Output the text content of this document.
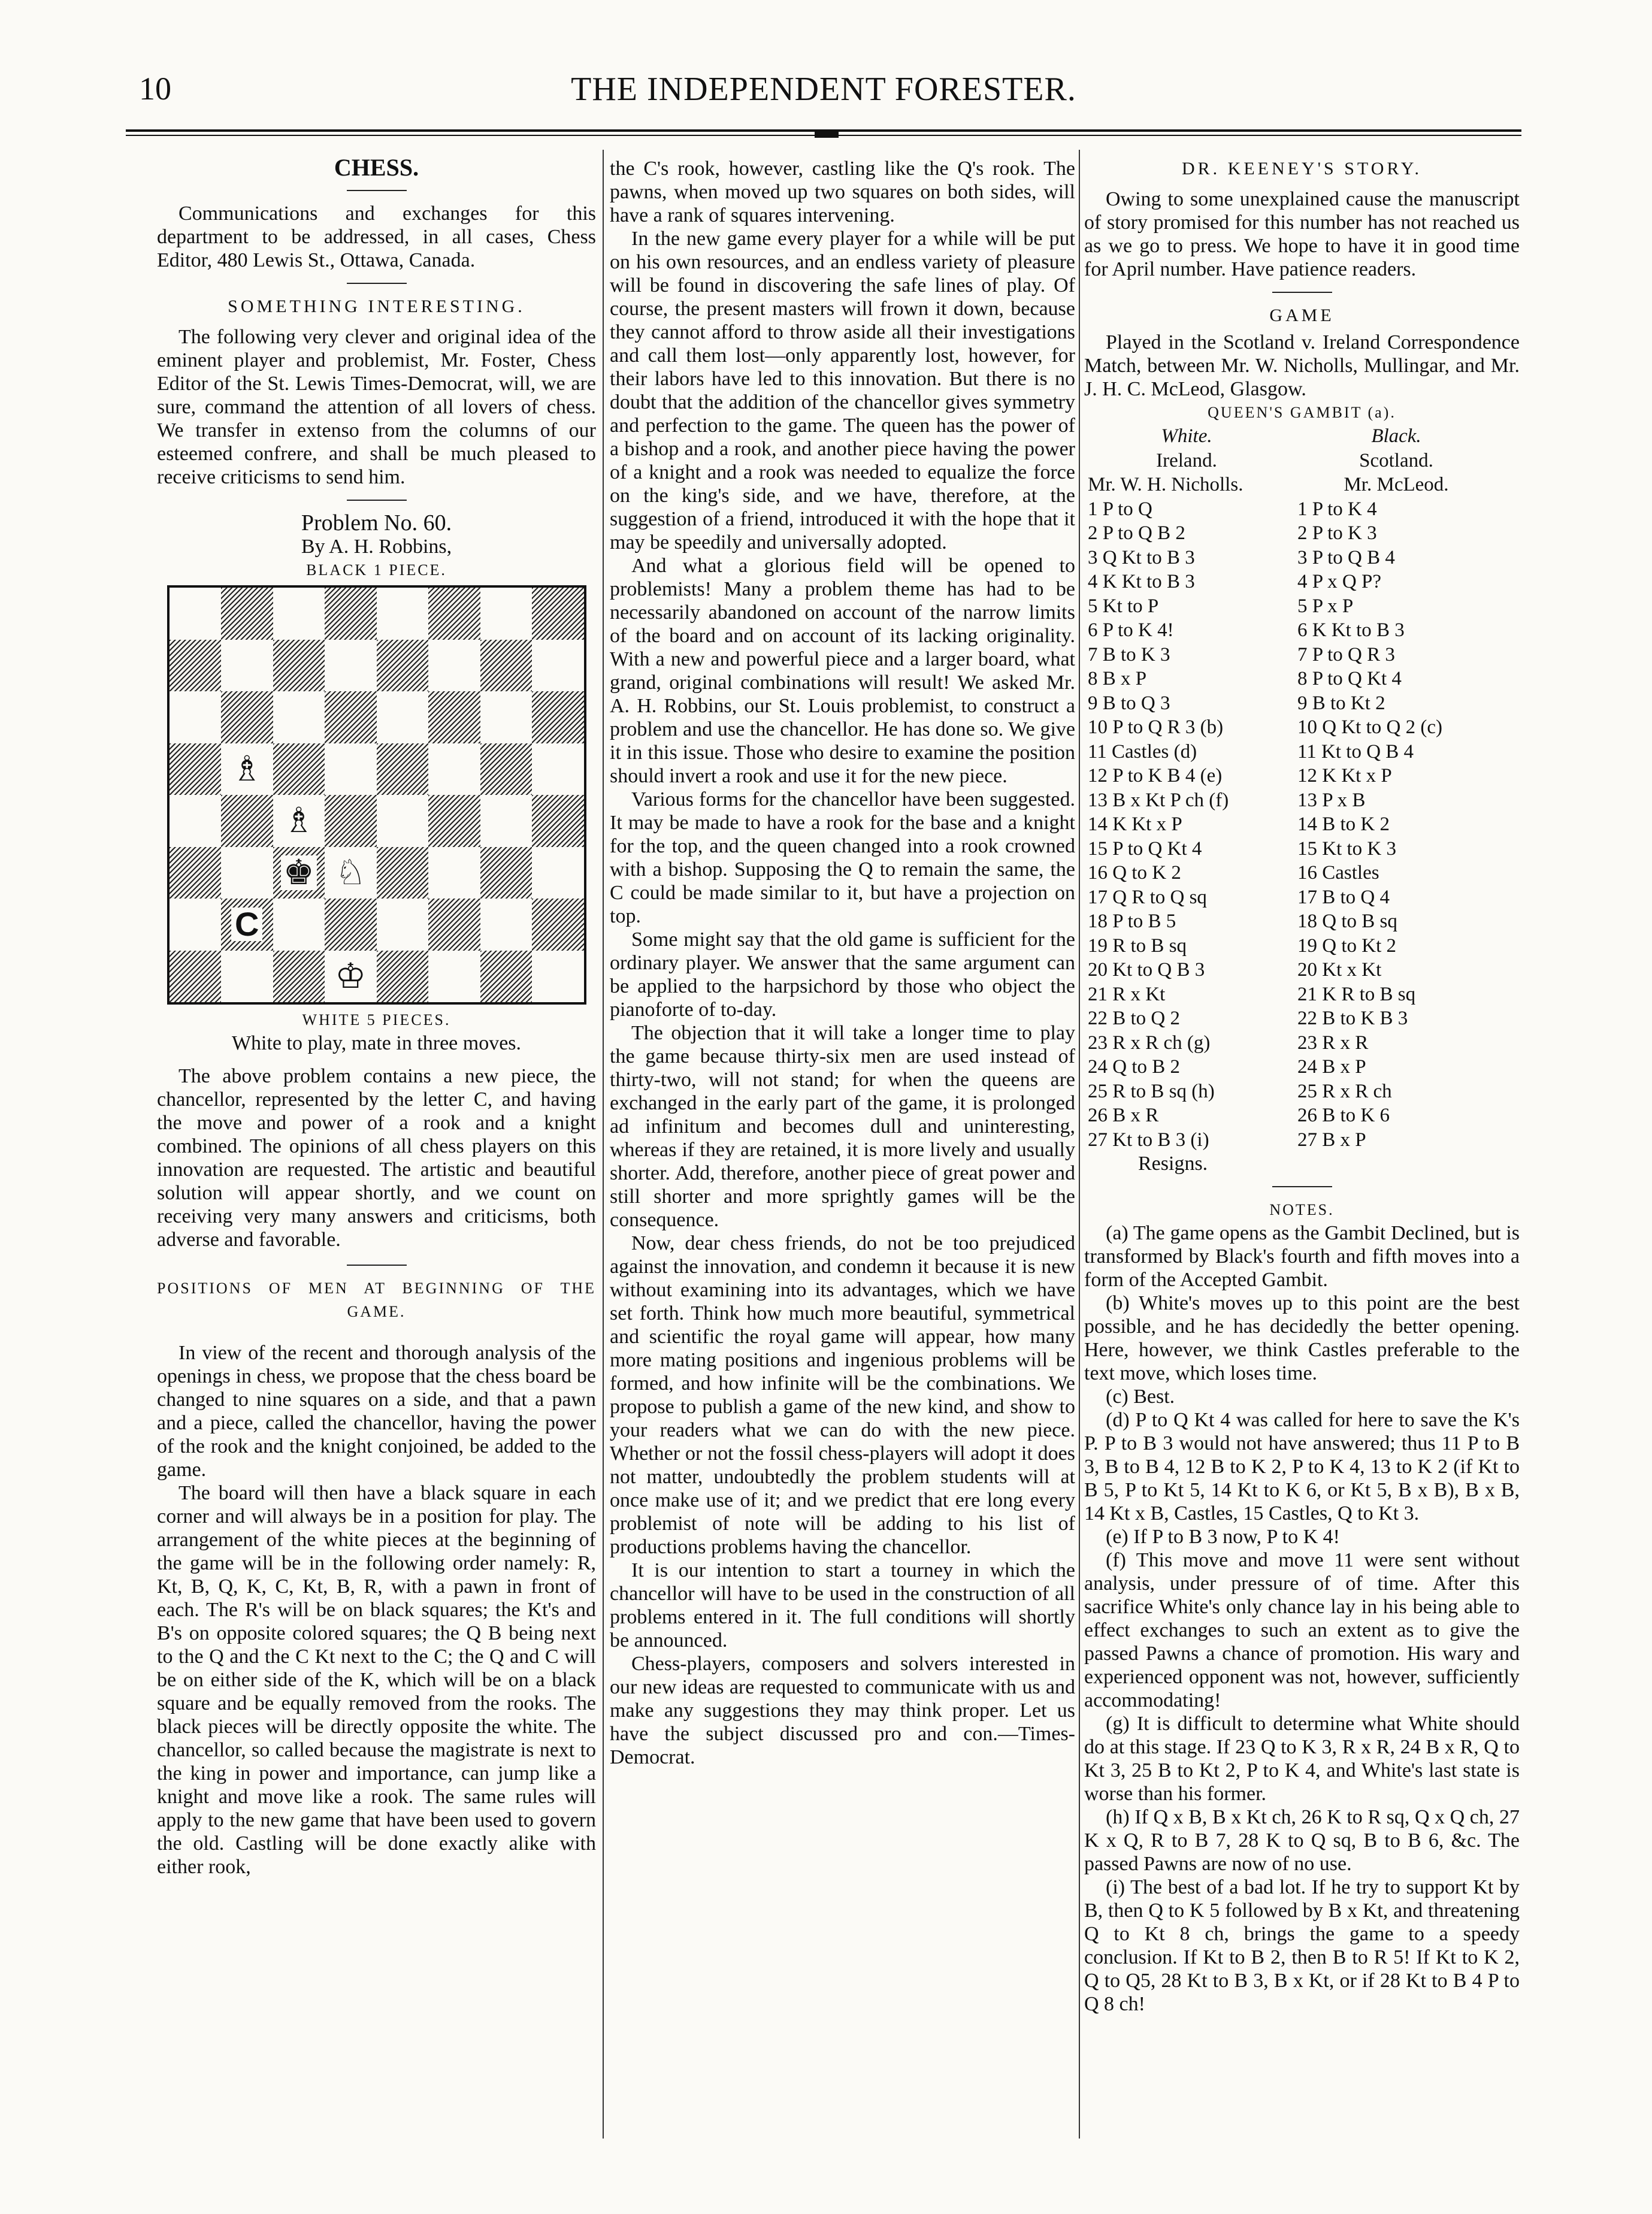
10	THE INDEPENDENT FORESTER.
CHESS.

Communications and exchanges for this department to be addressed, in all cases, Chess Editor, 480 Lewis St., Ottawa, Canada.

SOMETHING INTERESTING.

The following very clever and original idea of the eminent player and problemist, Mr. Foster, Chess Editor of the St. Lewis Times-Democrat, will, we are sure, command the attention of all lovers of chess. We transfer in extenso from the columns of our esteemed confrere, and shall be much pleased to receive criticisms to send him.

Problem No. 60.
By A. H. Robbins,
BLACK 1 PIECE.
♗
♗
♚ ♘
C
♔
WHITE 5 PIECES.
White to play, mate in three moves.

The above problem contains a new piece, the chancellor, represented by the letter C, and having the move and power of a rook and a knight combined. The opinions of all chess players on this innovation are requested. The artistic and beautiful solution will appear shortly, and we count on receiving very many answers and criticisms, both adverse and favorable.

POSITIONS OF MEN AT BEGINNING OF THE GAME.

In view of the recent and thorough analysis of the openings in chess, we propose that the chess board be changed to nine squares on a side, and that a pawn and a piece, called the chancellor, having the power of the rook and the knight conjoined, be added to the game.

The board will then have a black square in each corner and will always be in a position for play. The arrangement of the white pieces at the beginning of the game will be in the following order namely: R, Kt, B, Q, K, C, Kt, B, R, with a pawn in front of each. The R's will be on black squares; the Kt's and B's on opposite colored squares; the Q B being next to the Q and the C Kt next to the C; the Q and C will be on either side of the K, which will be on a black square and be equally removed from the rooks. The black pieces will be directly opposite the white. The chancellor, so called because the magistrate is next to the king in power and importance, can jump like a knight and move like a rook. The same rules will apply to the new game that have been used to govern the old. Castling will be done exactly alike with either rook,

the C's rook, however, castling like the Q's rook. The pawns, when moved up two squares on both sides, will have a rank of squares intervening.

In the new game every player for a while will be put on his own resources, and an endless variety of pleasure will be found in discovering the safe lines of play. Of course, the present masters will frown it down, because they cannot afford to throw aside all their investigations and call them lost—only apparently lost, however, for their labors have led to this innovation. But there is no doubt that the addition of the chancellor gives symmetry and perfection to the game. The queen has the power of a bishop and a rook, and another piece having the power of a knight and a rook was needed to equalize the force on the king's side, and we have, therefore, at the suggestion of a friend, introduced it with the hope that it may be speedily and universally adopted.

And what a glorious field will be opened to problemists! Many a problem theme has had to be necessarily abandoned on account of the narrow limits of the board and on account of its lacking originality. With a new and powerful piece and a larger board, what grand, original combinations will result! We asked Mr. A. H. Robbins, our St. Louis problemist, to construct a problem and use the chancellor. He has done so. We give it in this issue. Those who desire to examine the position should invert a rook and use it for the new piece.

Various forms for the chancellor have been suggested. It may be made to have a rook for the base and a knight for the top, and the queen changed into a rook crowned with a bishop. Supposing the Q to remain the same, the C could be made similar to it, but have a projection on top.

Some might say that the old game is sufficient for the ordinary player. We answer that the same argument can be applied to the harpsichord by those who object the pianoforte of to-day.

The objection that it will take a longer time to play the game because thirty-six men are used instead of thirty-two, will not stand; for when the queens are exchanged in the early part of the game, it is prolonged ad infinitum and becomes dull and uninteresting, whereas if they are retained, it is more lively and usually shorter. Add, therefore, another piece of great power and still shorter and more sprightly games will be the consequence.

Now, dear chess friends, do not be too prejudiced against the innovation, and condemn it because it is new without examining into its advantages, which we have set forth. Think how much more beautiful, symmetrical and scientific the royal game will appear, how many more mating positions and ingenious problems will be formed, and how infinite will be the combinations. We propose to publish a game of the new kind, and show to your readers what we can do with the new piece. Whether or not the fossil chess-players will adopt it does not matter, undoubtedly the problem students will at once make use of it; and we predict that ere long every problemist of note will be adding to his list of productions problems having the chancellor.

It is our intention to start a tourney in which the chancellor will have to be used in the construction of all problems entered in it. The full conditions will shortly be announced.

Chess-players, composers and solvers interested in our new ideas are requested to communicate with us and make any suggestions they may think proper. Let us have the subject discussed pro and con.—Times-Democrat.

DR. KEENEY'S STORY.

Owing to some unexplained cause the manuscript of story promised for this number has not reached us as we go to press. We hope to have it in good time for April number. Have patience readers.

GAME

Played in the Scotland v. Ireland Correspondence Match, between Mr. W. Nicholls, Mullingar, and Mr. J. H. C. McLeod, Glasgow.

QUEEN'S GAMBIT (a).
White.	Black.
Ireland.	Scotland.
Mr. W. H. Nicholls.	Mr. McLeod.
1 P to Q	1 P to K 4
2 P to Q B 2	2 P to K 3
3 Q Kt to B 3	3 P to Q B 4
4 K Kt to B 3	4 P x Q P?
5 Kt to P	5 P x P
6 P to K 4!	6 K Kt to B 3
7 B to K 3	7 P to Q R 3
8 B x P	8 P to Q Kt 4
9 B to Q 3	9 B to Kt 2
10 P to Q R 3 (b)	10 Q Kt to Q 2 (c)
11 Castles (d)	11 Kt to Q B 4
12 P to K B 4 (e)	12 K Kt x P
13 B x Kt P ch (f)	13 P x B
14 K Kt x P	14 B to K 2
15 P to Q Kt 4	15 Kt to K 3
16 Q to K 2	16 Castles
17 Q R to Q sq	17 B to Q 4
18 P to B 5	18 Q to B sq
19 R to B sq	19 Q to Kt 2
20 Kt to Q B 3	20 Kt x Kt
21 R x Kt	21 K R to B sq
22 B to Q 2	22 B to K B 3
23 R x R ch (g)	23 R x R
24 Q to B 2	24 B x P
25 R to B sq (h)	25 R x R ch
26 B x R	26 B to K 6
27 Kt to B 3 (i)	27 B x P
Resigns.
NOTES.

(a) The game opens as the Gambit Declined, but is transformed by Black's fourth and fifth moves into a form of the Accepted Gambit.

(b) White's moves up to this point are the best possible, and he has decidedly the better opening. Here, however, we think Castles preferable to the text move, which loses time.

(c) Best.

(d) P to Q Kt 4 was called for here to save the K's P. P to B 3 would not have answered; thus 11 P to B 3, B to B 4, 12 B to K 2, P to K 4, 13 to K 2 (if Kt to B 5, P to Kt 5, 14 Kt to K 6, or Kt 5, B x B), B x B, 14 Kt x B, Castles, 15 Castles, Q to Kt 3.

(e) If P to B 3 now, P to K 4!

(f) This move and move 11 were sent without analysis, under pressure of of time. After this sacrifice White's only chance lay in his being able to effect exchanges to such an extent as to give the passed Pawns a chance of promotion. His wary and experienced opponent was not, however, sufficiently accommodating!

(g) It is difficult to determine what White should do at this stage. If 23 Q to K 3, R x R, 24 B x R, Q to Kt 3, 25 B to Kt 2, P to K 4, and White's last state is worse than his former.

(h) If Q x B, B x Kt ch, 26 K to R sq, Q x Q ch, 27 K x Q, R to B 7, 28 K to Q sq, B to B 6, &c. The passed Pawns are now of no use.

(i) The best of a bad lot. If he try to support Kt by B, then Q to K 5 followed by B x Kt, and threatening Q to Kt 8 ch, brings the game to a speedy conclusion. If Kt to B 2, then B to R 5! If Kt to K 2, Q to Q5, 28 Kt to B 3, B x Kt, or if 28 Kt to B 4 P to Q 8 ch!
